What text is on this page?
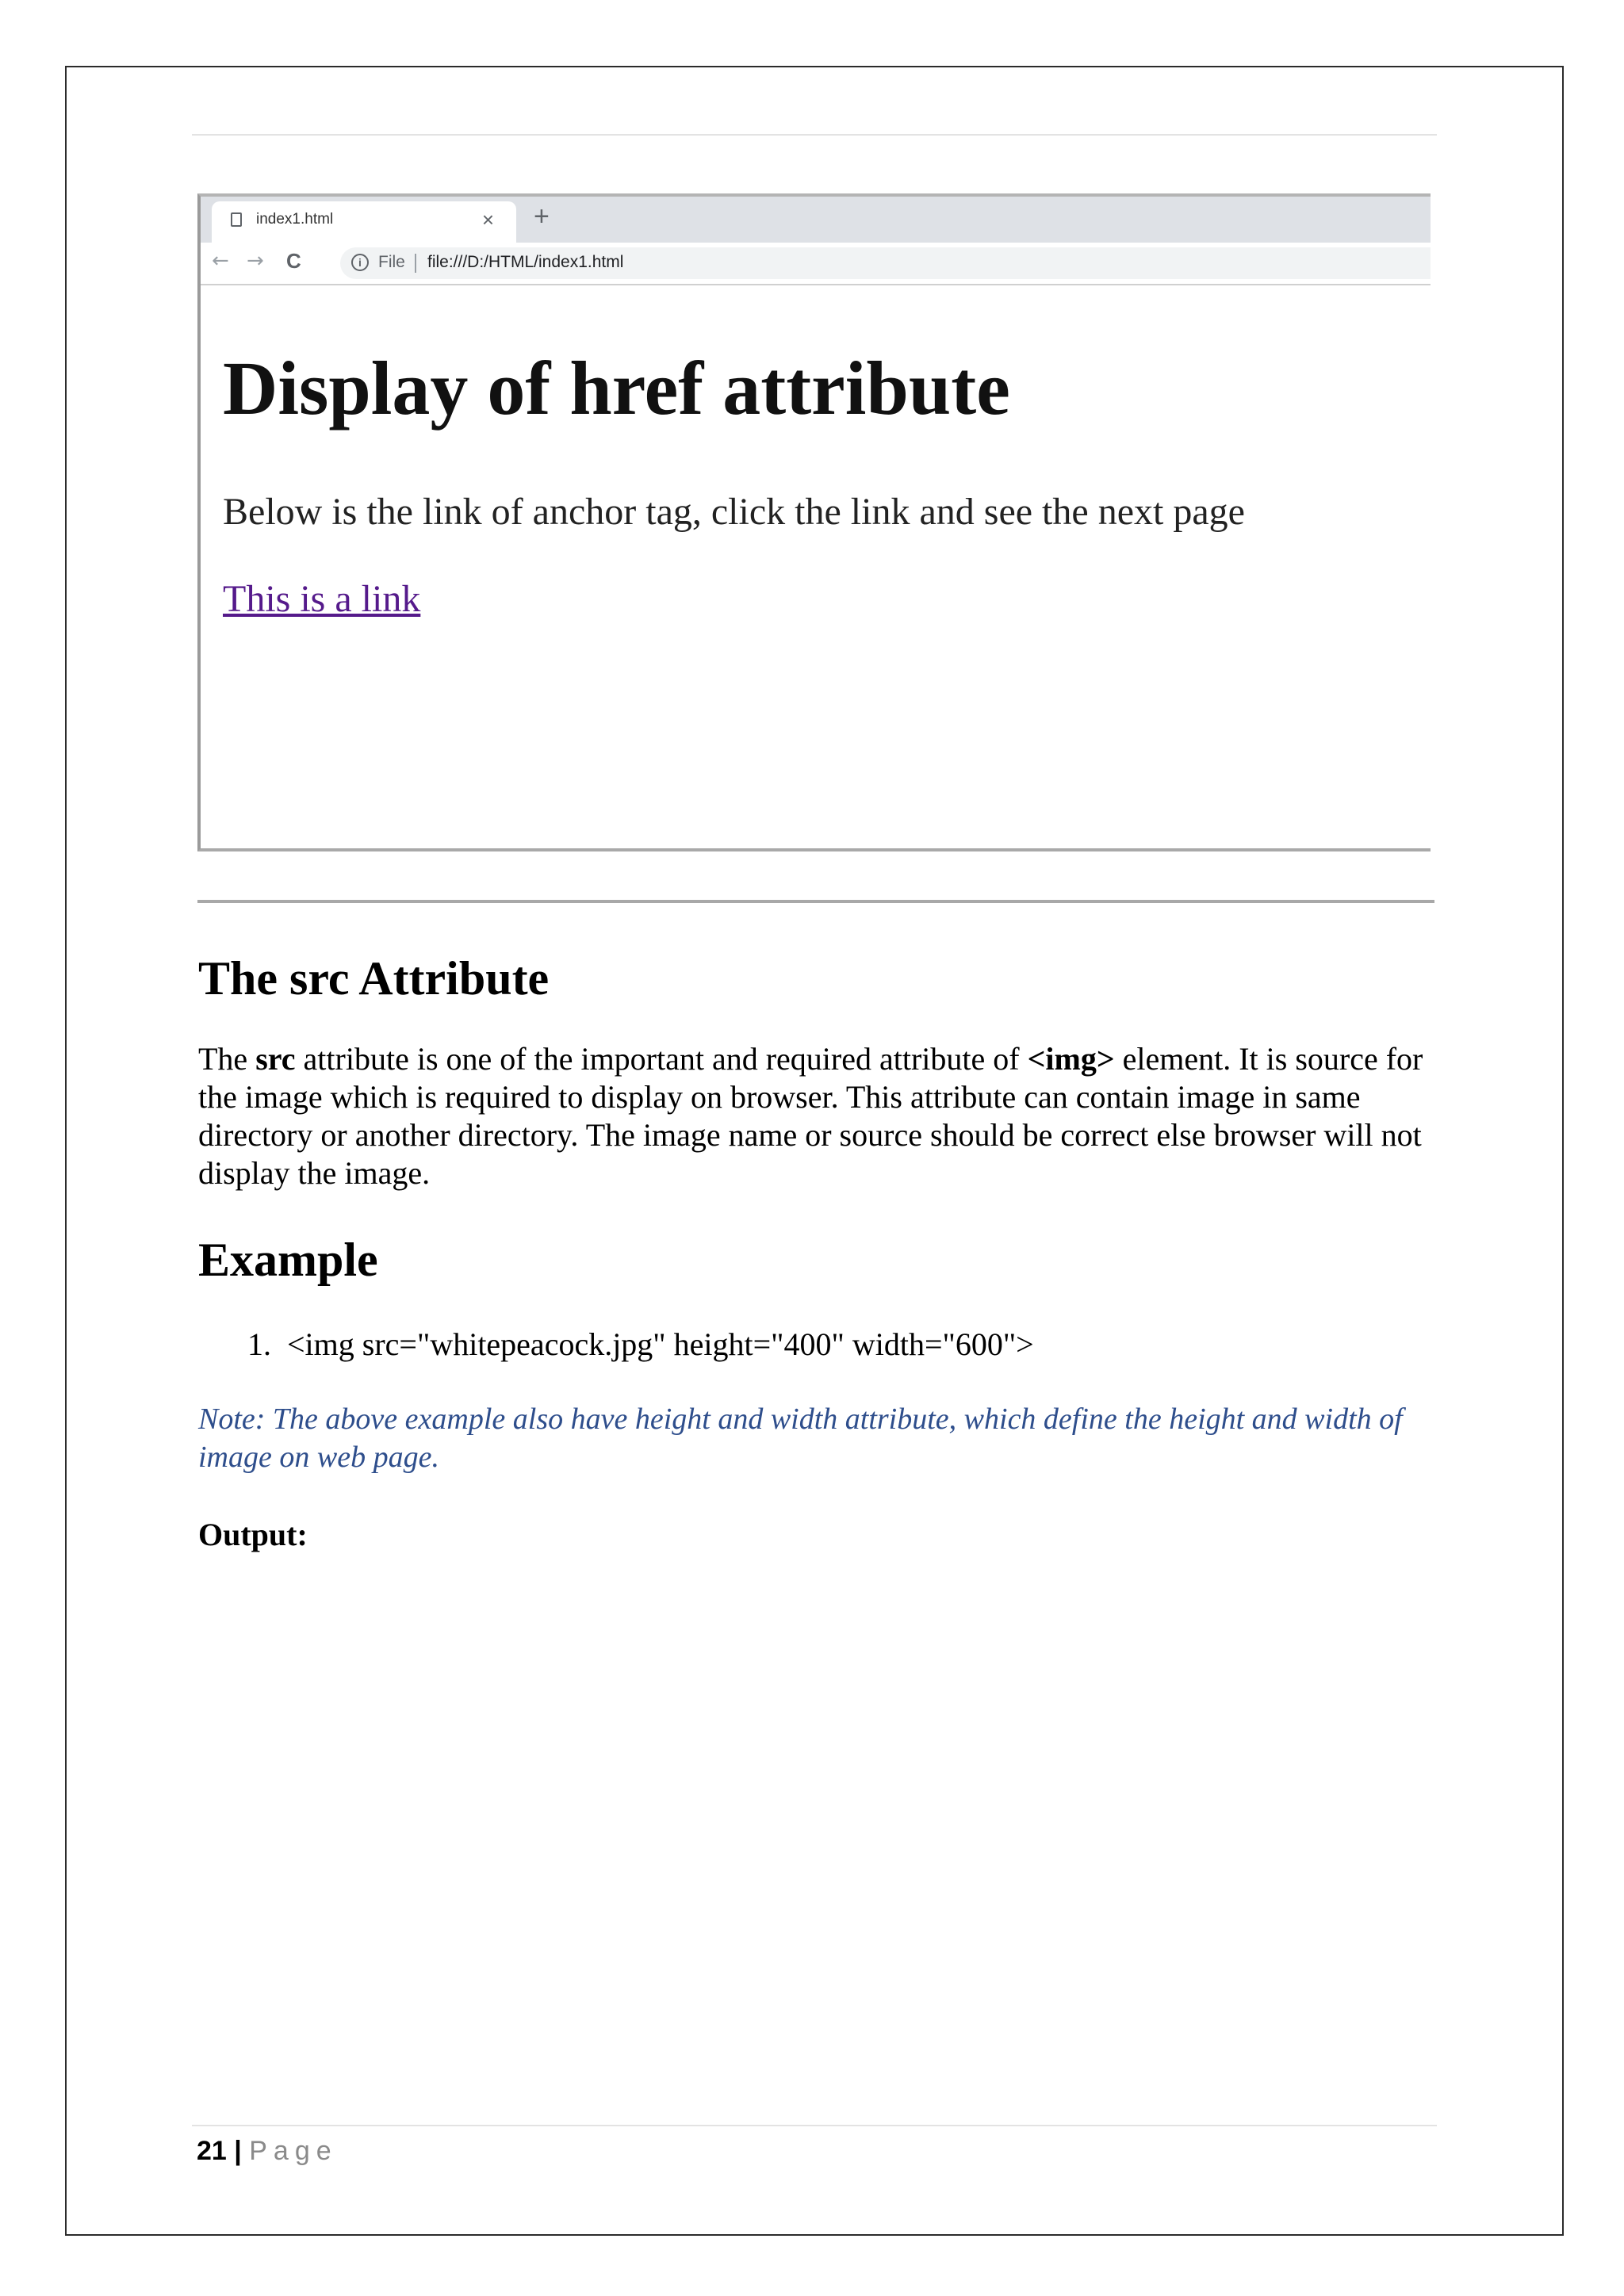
index1.html	× +
← → C	i	File file:///D:/HTML/index1.html
Display of href attribute
Below is the link of anchor tag, click the link and see the next page
This is a link
The src Attribute

The src attribute is one of the important and required attribute of <img> element. It is source for the image which is required to display on browser. This attribute can contain image in same directory or another directory. The image name or source should be correct else browser will not display the image.

Example
1. <img src="whitepeacock.jpg" height="400" width="600">

Note: The above example also have height and width attribute, which define the height and width of image on web page.

Output:
21 | Page
